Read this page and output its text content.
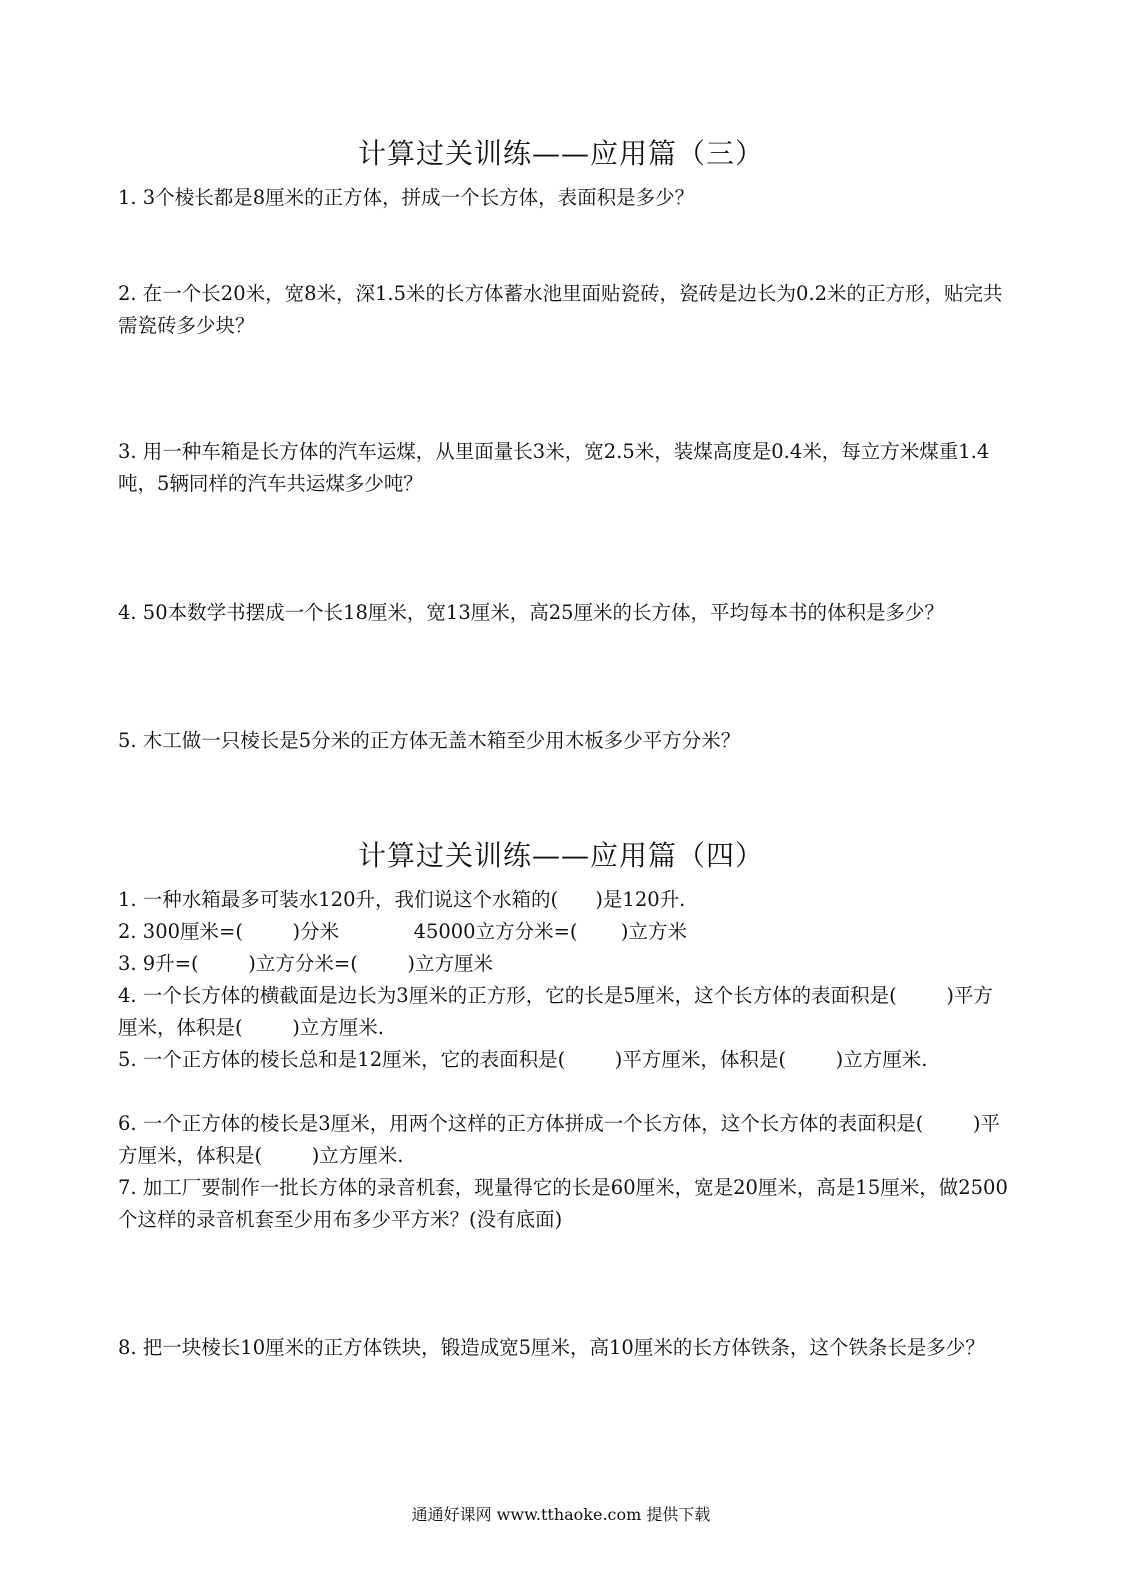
计算过关训练——应用篇（三）
1. 3个棱长都是8厘米的正方体，拼成一个长方体，表面积是多少？
2. 在一个长20米，宽8米，深1.5米的长方体蓄水池里面贴瓷砖，瓷砖是边长为0.2米的正方形，贴完共需瓷砖多少块？
3. 用一种车箱是长方体的汽车运煤，从里面量长3米，宽2.5米，装煤高度是0.4米，每立方米煤重1.4吨，5辆同样的汽车共运煤多少吨？
4. 50本数学书摆成一个长18厘米，宽13厘米，高25厘米的长方体，平均每本书的体积是多少？
5. 木工做一只棱长是5分米的正方体无盖木箱至少用木板多少平方分米？
计算过关训练——应用篇（四）
1. 一种水箱最多可装水120升，我们说这个水箱的(      )是120升.
2. 300厘米=(        )分米            45000立方分米=(       )立方米
3. 9升=(        )立方分米=(        )立方厘米
4. 一个长方体的横截面是边长为3厘米的正方形，它的长是5厘米，这个长方体的表面积是(        )平方厘米，体积是(        )立方厘米.
5. 一个正方体的棱长总和是12厘米，它的表面积是(        )平方厘米，体积是(        )立方厘米.
6. 一个正方体的棱长是3厘米，用两个这样的正方体拼成一个长方体，这个长方体的表面积是(        )平方厘米，体积是(        )立方厘米.
7. 加工厂要制作一批长方体的录音机套，现量得它的长是60厘米，宽是20厘米，高是15厘米，做2500个这样的录音机套至少用布多少平方米？(没有底面)
8. 把一块棱长10厘米的正方体铁块，锻造成宽5厘米，高10厘米的长方体铁条，这个铁条长是多少？
通通好课网 www.tthaoke.com 提供下载
